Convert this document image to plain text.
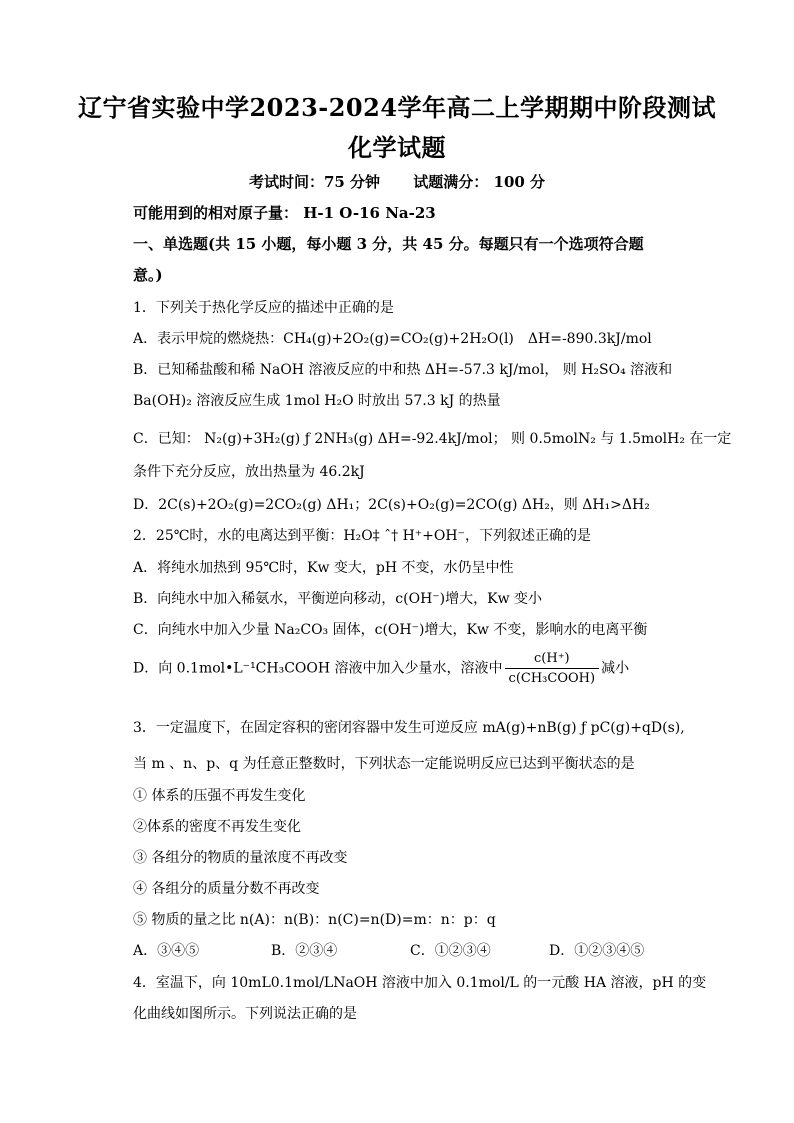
辽宁省实验中学2023-2024学年高二上学期期中阶段测试
化学试题
考试时间：75 分钟 试题满分： 100 分
可能用到的相对原子量： H-1 O-16 Na-23
一、单选题(共 15 小题，每小题 3 分，共 45 分。每题只有一个选项符合题
意。)
1．下列关于热化学反应的描述中正确的是
A．表示甲烷的燃烧热：CH₄(g)+2O₂(g)=CO₂(g)+2H₂O(l)　ΔH=-890.3kJ/mol
B．已知稀盐酸和稀 NaOH 溶液反应的中和热 ΔH=-57.3 kJ/mol， 则 H₂SO₄ 溶液和
Ba(OH)₂ 溶液反应生成 1mol H₂O 时放出 57.3 kJ 的热量
C．已知： N₂(g)+3H₂(g) ƒ 2NH₃(g) ΔH=-92.4kJ/mol； 则 0.5molN₂ 与 1.5molH₂ 在一定
条件下充分反应，放出热量为 46.2kJ
D．2C(s)+2O₂(g)=2CO₂(g) ΔH₁；2C(s)+O₂(g)=2CO(g) ΔH₂，则 ΔH₁>ΔH₂
2．25℃时，水的电离达到平衡：H₂O‡ ˆ† H⁺+OH⁻，下列叙述正确的是
A．将纯水加热到 95℃时，Kw 变大，pH 不变，水仍呈中性
B．向纯水中加入稀氨水，平衡逆向移动，c(OH⁻)增大，Kw 变小
C．向纯水中加入少量 Na₂CO₃ 固体，c(OH⁻)增大，Kw 不变，影响水的电离平衡
D．向 0.1mol•L⁻¹CH₃COOH 溶液中加入少量水，溶液中 $\frac{c(H^+)}{\text{c(CH₃COOH)}}$ 减小
3．一定温度下，在固定容积的密闭容器中发生可逆反应 mA(g)+nB(g) ƒ pC(g)+qD(s),
当 m 、n、p、q 为任意正整数时，下列状态一定能说明反应已达到平衡状态的是
① 体系的压强不再发生变化
②体系的密度不再发生变化
③ 各组分的物质的量浓度不再改变
④ 各组分的质量分数不再改变
⑤ 物质的量之比 n(A)：n(B)：n(C)=n(D)=m：n：p：q
A．③④⑤	B．②③④	C．①②③④	D．①②③④⑤
4．室温下，向 10mL0.1mol/LNaOH 溶液中加入 0.1mol/L 的一元酸 HA 溶液，pH 的变
化曲线如图所示。下列说法正确的是
